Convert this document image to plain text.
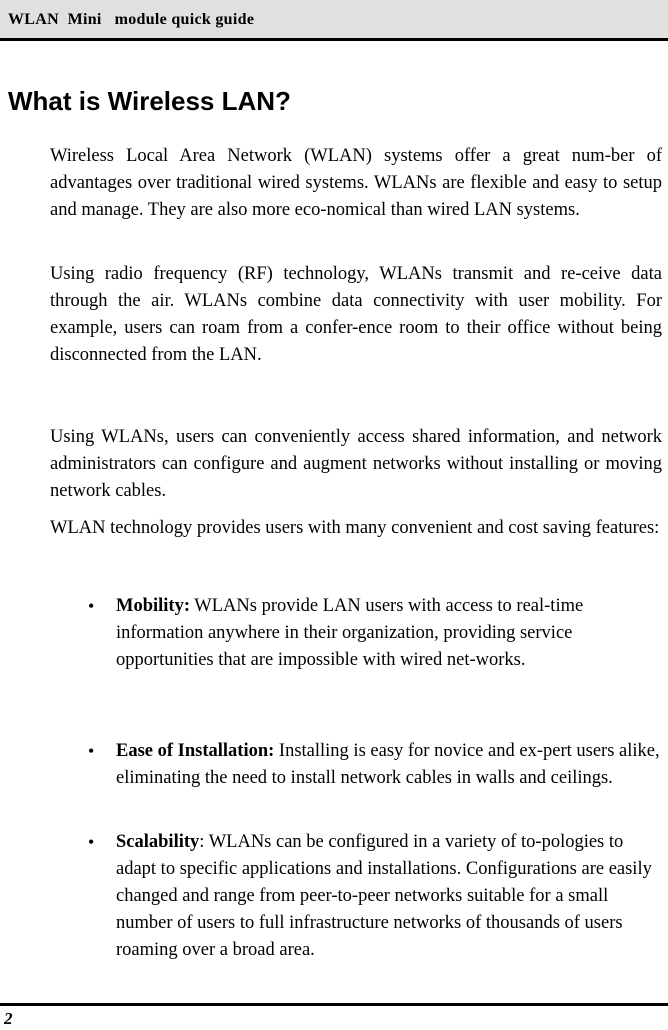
WLAN  Mini   module quick guide
What is Wireless LAN?

Wireless Local Area Network (WLAN) systems offer a great num-ber of advantages over traditional wired systems. WLANs are flexible and easy to setup and manage. They are also more eco-nomical than wired LAN systems.

Using radio frequency (RF) technology, WLANs transmit and re-ceive data through the air. WLANs combine data connectivity with user mobility. For example, users can roam from a confer-ence room to their office without being disconnected from the LAN.

Using WLANs, users can conveniently access shared information, and network administrators can configure and augment networks without installing or moving network cables.

WLAN technology provides users with many convenient and cost saving features:

• Mobility: WLANs provide LAN users with access to real-time information anywhere in their organization, providing service opportunities that are impossible with wired net-works.

• Ease of Installation: Installing is easy for novice and ex-pert users alike, eliminating the need to install network cables in walls and ceilings.

• Scalability: WLANs can be configured in a variety of to-pologies to adapt to specific applications and installations. Configurations are easily changed and range from peer-to-peer networks suitable for a small number of users to full infrastructure networks of thousands of users roaming over a broad area.

2
